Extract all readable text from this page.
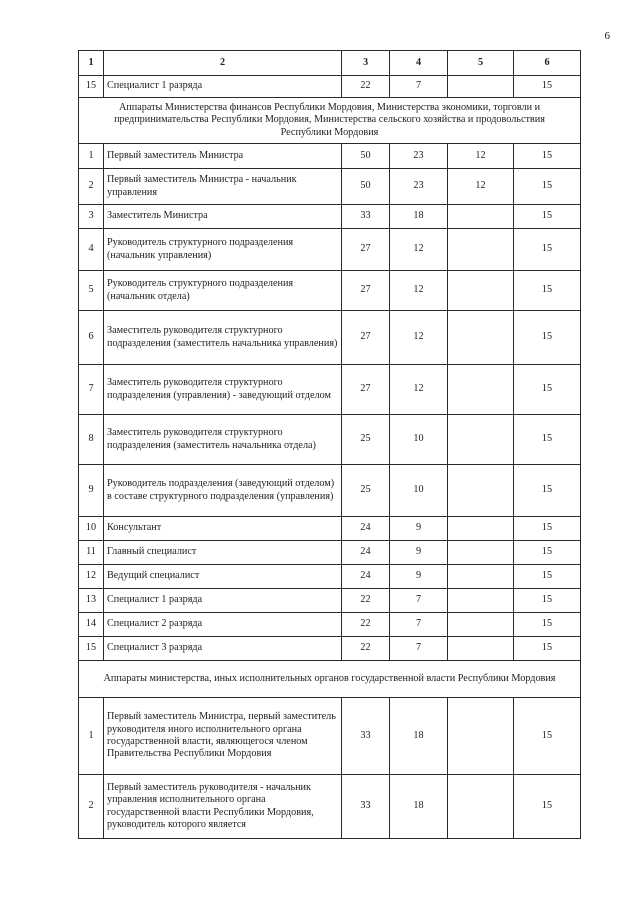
6
1	2	3	4	5	6
15	Специалист 1 разряда	22	7		15
Аппараты Министерства финансов Республики Мордовия, Министерства экономики, торговли и предпринимательства Республики Мордовия, Министерства сельского хозяйства и продовольствия Республики Мордовия					
1	Первый заместитель Министра	50	23	12	15
2	Первый заместитель Министра - начальник управления	50	23	12	15
3	Заместитель Министра	33	18		15
4	Руководитель структурного подразделения (начальник управления)	27	12		15
5	Руководитель структурного подразделения (начальник отдела)	27	12		15
6	Заместитель руководителя структурного подразделения (заместитель начальника управления)	27	12		15
7	Заместитель руководителя структурного подразделения (управления) - заведующий отделом	27	12		15
8	Заместитель руководителя структурного подразделения (заместитель начальника отдела)	25	10		15
9	Руководитель подразделения (заведующий отделом) в составе структурного подразделения (управления)	25	10		15
10	Консультант	24	9		15
11	Главный специалист	24	9		15
12	Ведущий специалист	24	9		15
13	Специалист 1 разряда	22	7		15
14	Специалист 2 разряда	22	7		15
15	Специалист 3 разряда	22	7		15
Аппараты министерства, иных исполнительных органов государственной власти Республики Мордовия					
1	Первый заместитель Министра, первый заместитель руководителя иного исполнительного органа государственной власти, являющегося членом Правительства Республики Мордовия	33	18		15
2	Первый заместитель руководителя - начальник управления исполнительного органа государственной власти Республики Мордовия, руководитель которого является	33	18		15
